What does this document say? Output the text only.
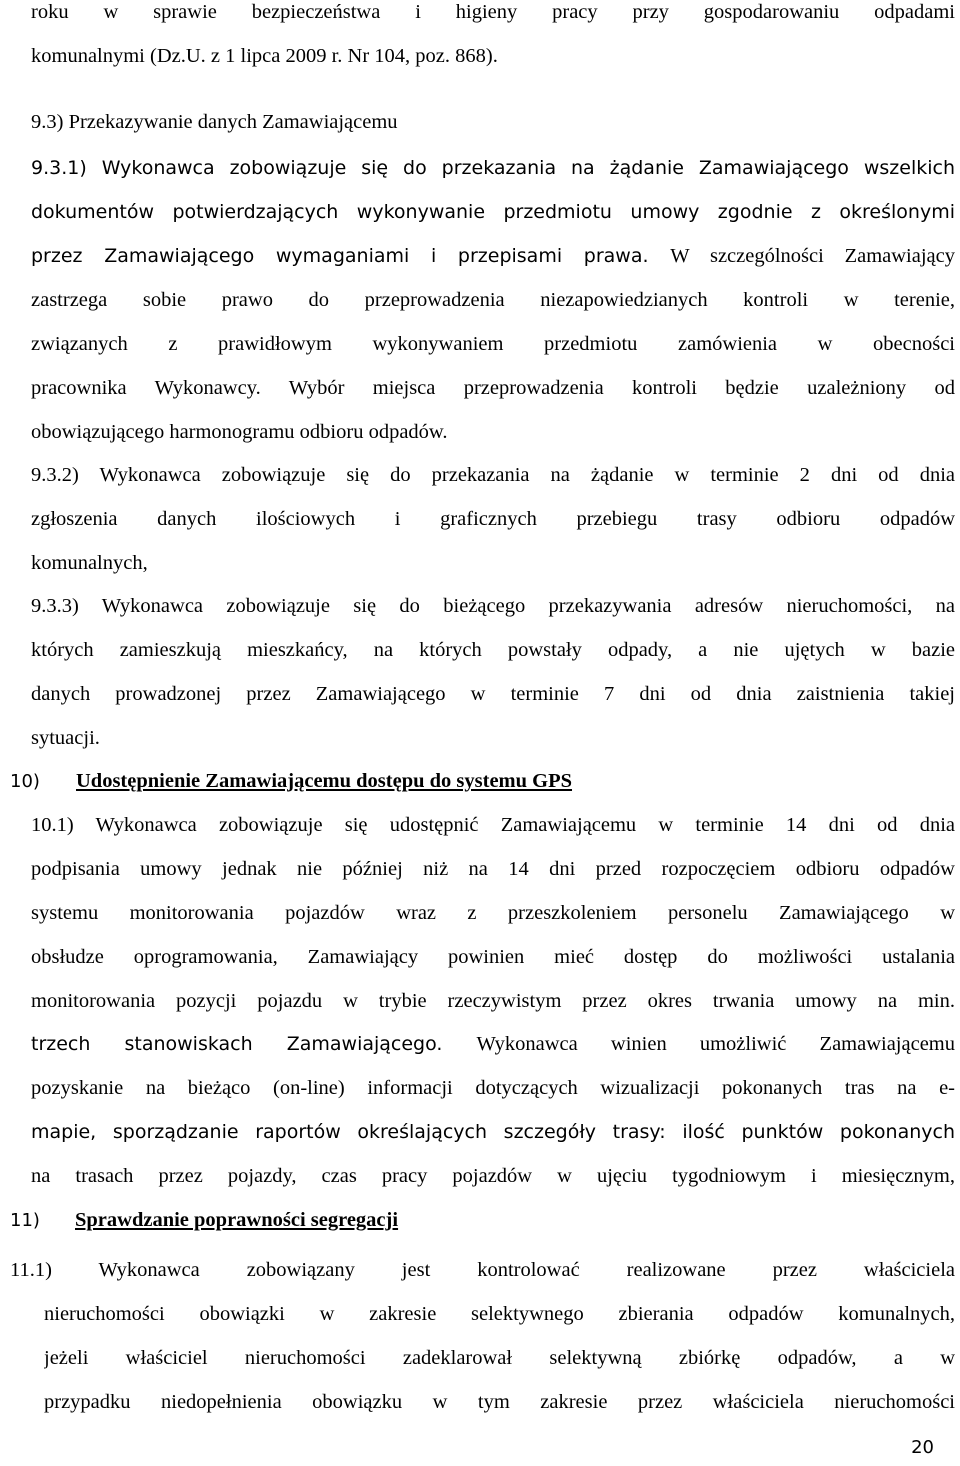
roku w sprawie bezpieczeństwa i higieny pracy przy gospodarowaniu odpadami
komunalnymi (Dz.U. z 1 lipca 2009 r. Nr 104, poz. 868).
9.3) Przekazywanie danych Zamawiającemu
9.3.1) Wykonawca zobowiązuje się do przekazania na żądanie Zamawiającego wszelkich
dokumentów potwierdzających wykonywanie przedmiotu umowy zgodnie z określonymi
przez Zamawiającego wymaganiami i przepisami prawa. W szczególności Zamawiający
zastrzega sobie prawo do przeprowadzenia niezapowiedzianych kontroli w terenie,
związanych z prawidłowym wykonywaniem przedmiotu zamówienia w obecności
pracownika Wykonawcy. Wybór miejsca przeprowadzenia kontroli będzie uzależniony od
obowiązującego harmonogramu odbioru odpadów.
9.3.2) Wykonawca zobowiązuje się do przekazania na żądanie w terminie 2 dni od dnia
zgłoszenia danych ilościowych i graficznych przebiegu trasy odbioru odpadów
komunalnych,
9.3.3) Wykonawca zobowiązuje się do bieżącego przekazywania adresów nieruchomości, na
których zamieszkują mieszkańcy, na których powstały odpady, a nie ujętych w bazie
danych prowadzonej przez Zamawiającego w terminie 7 dni od dnia zaistnienia takiej
sytuacji.
10) Udostępnienie Zamawiającemu dostępu do systemu GPS
10.1) Wykonawca zobowiązuje się udostępnić Zamawiającemu w terminie 14 dni od dnia
podpisania umowy jednak nie później niż na 14 dni przed rozpoczęciem odbioru odpadów
systemu monitorowania pojazdów wraz z przeszkoleniem personelu Zamawiającego w
obsłudze oprogramowania, Zamawiający powinien mieć dostęp do możliwości ustalania
monitorowania pozycji pojazdu w trybie rzeczywistym przez okres trwania umowy na min.
trzech stanowiskach Zamawiającego. Wykonawca winien umożliwić Zamawiającemu
pozyskanie na bieżąco (on-line) informacji dotyczących wizualizacji pokonanych tras na e-
mapie, sporządzanie raportów określających szczegóły trasy: ilość punktów pokonanych
na trasach przez pojazdy, czas pracy pojazdów w ujęciu tygodniowym i miesięcznym,
11) Sprawdzanie poprawności segregacji
11.1) Wykonawca zobowiązany jest kontrolować realizowane przez właściciela
nieruchomości obowiązki w zakresie selektywnego zbierania odpadów komunalnych,
jeżeli właściciel nieruchomości zadeklarował selektywną zbiórkę odpadów, a w
przypadku niedopełnienia obowiązku w tym zakresie przez właściciela nieruchomości
20
